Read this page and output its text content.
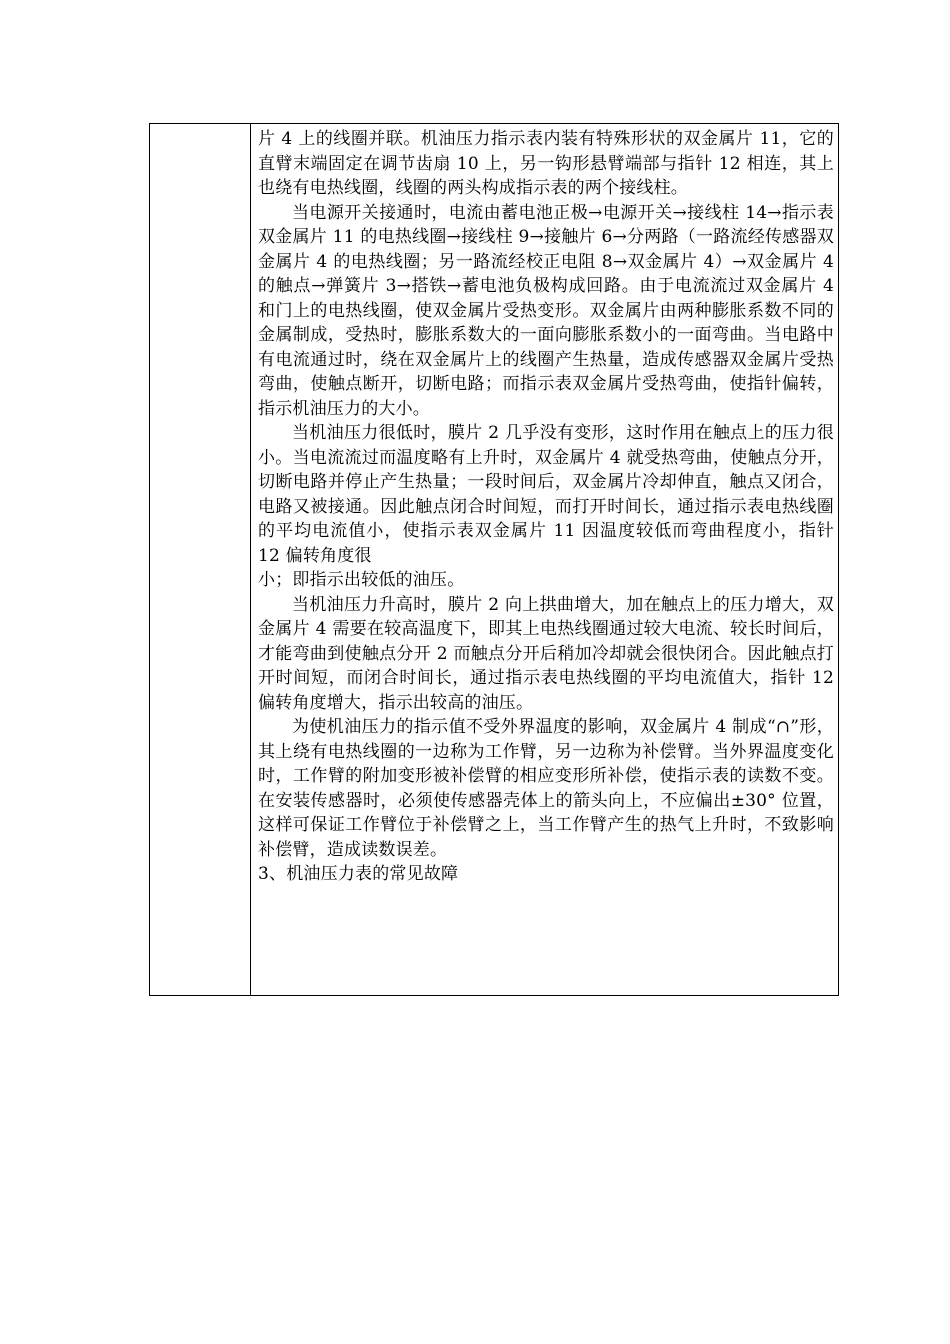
片 4 上的线圈并联。机油压力指示表内装有特殊形状的双金属片 11，它的直臂末端固定在调节齿扇 10 上，另一钩形悬臂端部与指针 12 相连，其上也绕有电热线圈，线圈的两头构成指示表的两个接线柱。

当电源开关接通时，电流由蓄电池正极→电源开关→接线柱 14→指示表双金属片 11 的电热线圈→接线柱 9→接触片 6→分两路（一路流经传感器双金属片 4 的电热线圈；另一路流经校正电阻 8→双金属片 4）→双金属片 4 的触点→弹簧片 3→搭铁→蓄电池负极构成回路。由于电流流过双金属片 4 和门上的电热线圈，使双金属片受热变形。双金属片由两种膨胀系数不同的金属制成，受热时，膨胀系数大的一面向膨胀系数小的一面弯曲。当电路中有电流通过时，绕在双金属片上的线圈产生热量，造成传感器双金属片受热弯曲，使触点断开，切断电路；而指示表双金属片受热弯曲，使指针偏转，指示机油压力的大小。

当机油压力很低时，膜片 2 几乎没有变形，这时作用在触点上的压力很小。当电流流过而温度略有上升时，双金属片 4 就受热弯曲，使触点分开，切断电路并停止产生热量；一段时间后，双金属片冷却伸直，触点又闭合，电路又被接通。因此触点闭合时间短，而打开时间长，通过指示表电热线圈的平均电流值小，使指示表双金属片 11 因温度较低而弯曲程度小，指针 12 偏转角度很

小；即指示出较低的油压。

当机油压力升高时，膜片 2 向上拱曲增大，加在触点上的压力增大，双金属片 4 需要在较高温度下，即其上电热线圈通过较大电流、较长时间后，才能弯曲到使触点分开 2 而触点分开后稍加冷却就会很快闭合。因此触点打开时间短，而闭合时间长，通过指示表电热线圈的平均电流值大，指针 12 偏转角度增大，指示出较高的油压。

为使机油压力的指示值不受外界温度的影响，双金属片 4 制成“∩”形，其上绕有电热线圈的一边称为工作臂，另一边称为补偿臂。当外界温度变化时，工作臂的附加变形被补偿臂的相应变形所补偿，使指示表的读数不变。在安装传感器时，必须使传感器壳体上的箭头向上，不应偏出±30° 位置，这样可保证工作臂位于补偿臂之上，当工作臂产生的热气上升时，不致影响补偿臂，造成读数误差。

3、机油压力表的常见故障
